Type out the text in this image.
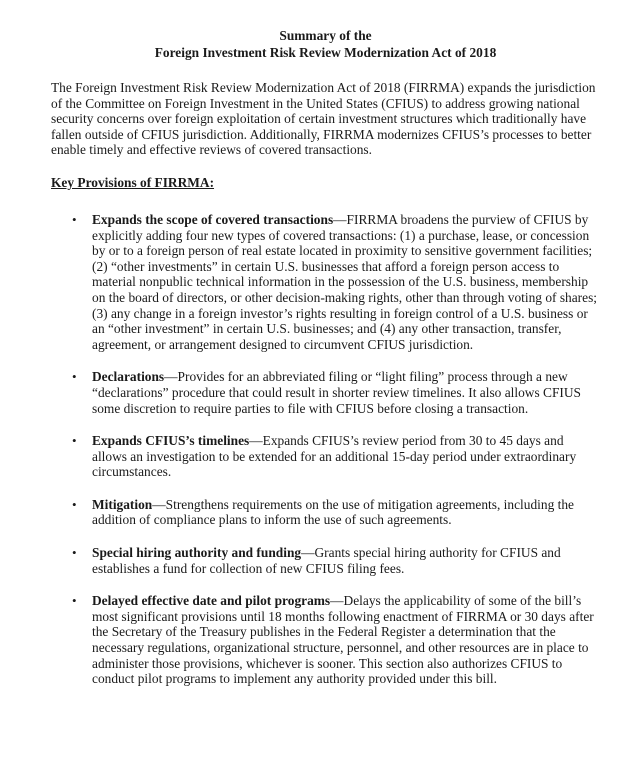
Summary of the
Foreign Investment Risk Review Modernization Act of 2018

The Foreign Investment Risk Review Modernization Act of 2018 (FIRRMA) expands the jurisdiction of the Committee on Foreign Investment in the United States (CFIUS) to address growing national security concerns over foreign exploitation of certain investment structures which traditionally have fallen outside of CFIUS jurisdiction. Additionally, FIRRMA modernizes CFIUS’s processes to better enable timely and effective reviews of covered transactions.

Key Provisions of FIRRMA:

• Expands the scope of covered transactions—FIRRMA broadens the purview of CFIUS by explicitly adding four new types of covered transactions: (1) a purchase, lease, or concession by or to a foreign person of real estate located in proximity to sensitive government facilities; (2) “other investments” in certain U.S. businesses that afford a foreign person access to material nonpublic technical information in the possession of the U.S. business, membership on the board of directors, or other decision-making rights, other than through voting of shares; (3) any change in a foreign investor’s rights resulting in foreign control of a U.S. business or an “other investment” in certain U.S. businesses; and (4) any other transaction, transfer, agreement, or arrangement designed to circumvent CFIUS jurisdiction.
• Declarations—Provides for an abbreviated filing or “light filing” process through a new “declarations” procedure that could result in shorter review timelines. It also allows CFIUS some discretion to require parties to file with CFIUS before closing a transaction.
• Expands CFIUS’s timelines—Expands CFIUS’s review period from 30 to 45 days and allows an investigation to be extended for an additional 15-day period under extraordinary circumstances.
• Mitigation—Strengthens requirements on the use of mitigation agreements, including the addition of compliance plans to inform the use of such agreements.
• Special hiring authority and funding—Grants special hiring authority for CFIUS and establishes a fund for collection of new CFIUS filing fees.
• Delayed effective date and pilot programs—Delays the applicability of some of the bill’s most significant provisions until 18 months following enactment of FIRRMA or 30 days after the Secretary of the Treasury publishes in the Federal Register a determination that the necessary regulations, organizational structure, personnel, and other resources are in place to administer those provisions, whichever is sooner. This section also authorizes CFIUS to conduct pilot programs to implement any authority provided under this bill.
